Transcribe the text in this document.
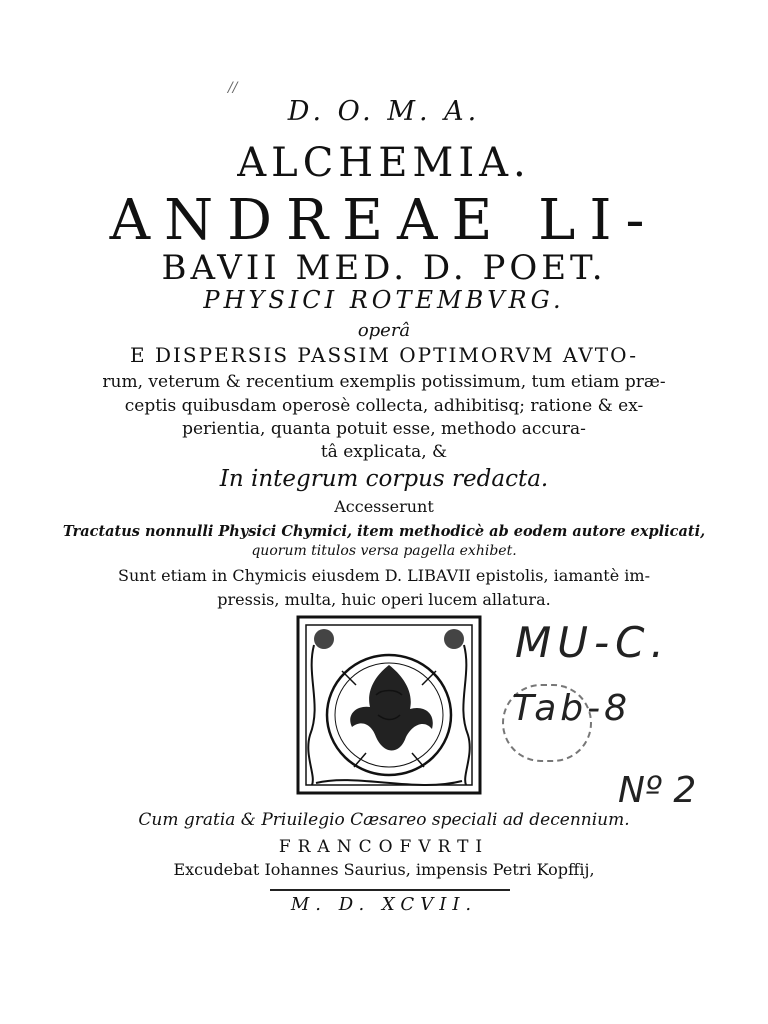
//
D. O. M. A.
ALCHEMIA.
ANDREAE LI-
BAVII MED. D. POET.
PHYSICI ROTEMBVRG.
operâ
E DISPERSIS PASSIM OPTIMORVM AVTO-
rum, veterum & recentium exemplis potissimum, tum etiam præ-
ceptis quibusdam operosè collecta, adhibitisq; ratione & ex-
perientia, quanta potuit esse, methodo accura-
tâ explicata, &
In integrum corpus redacta.
Accesserunt
Tractatus nonnulli Physici Chymici, item methodicè ab eodem autore explicati,
quorum titulos versa pagella exhibet.
Sunt etiam in Chymicis eiusdem D. LIBAVII epistolis, iamantè im-
pressis, multa, huic operi lucem allatura.
MU-C.
Tab-8
Nº 2
Cum gratia & Priuilegio Cæsareo speciali ad decennium.
FRANCOFVRTI
Excudebat Iohannes Saurius, impensis Petri Kopffij,
M. D. XCVII.
